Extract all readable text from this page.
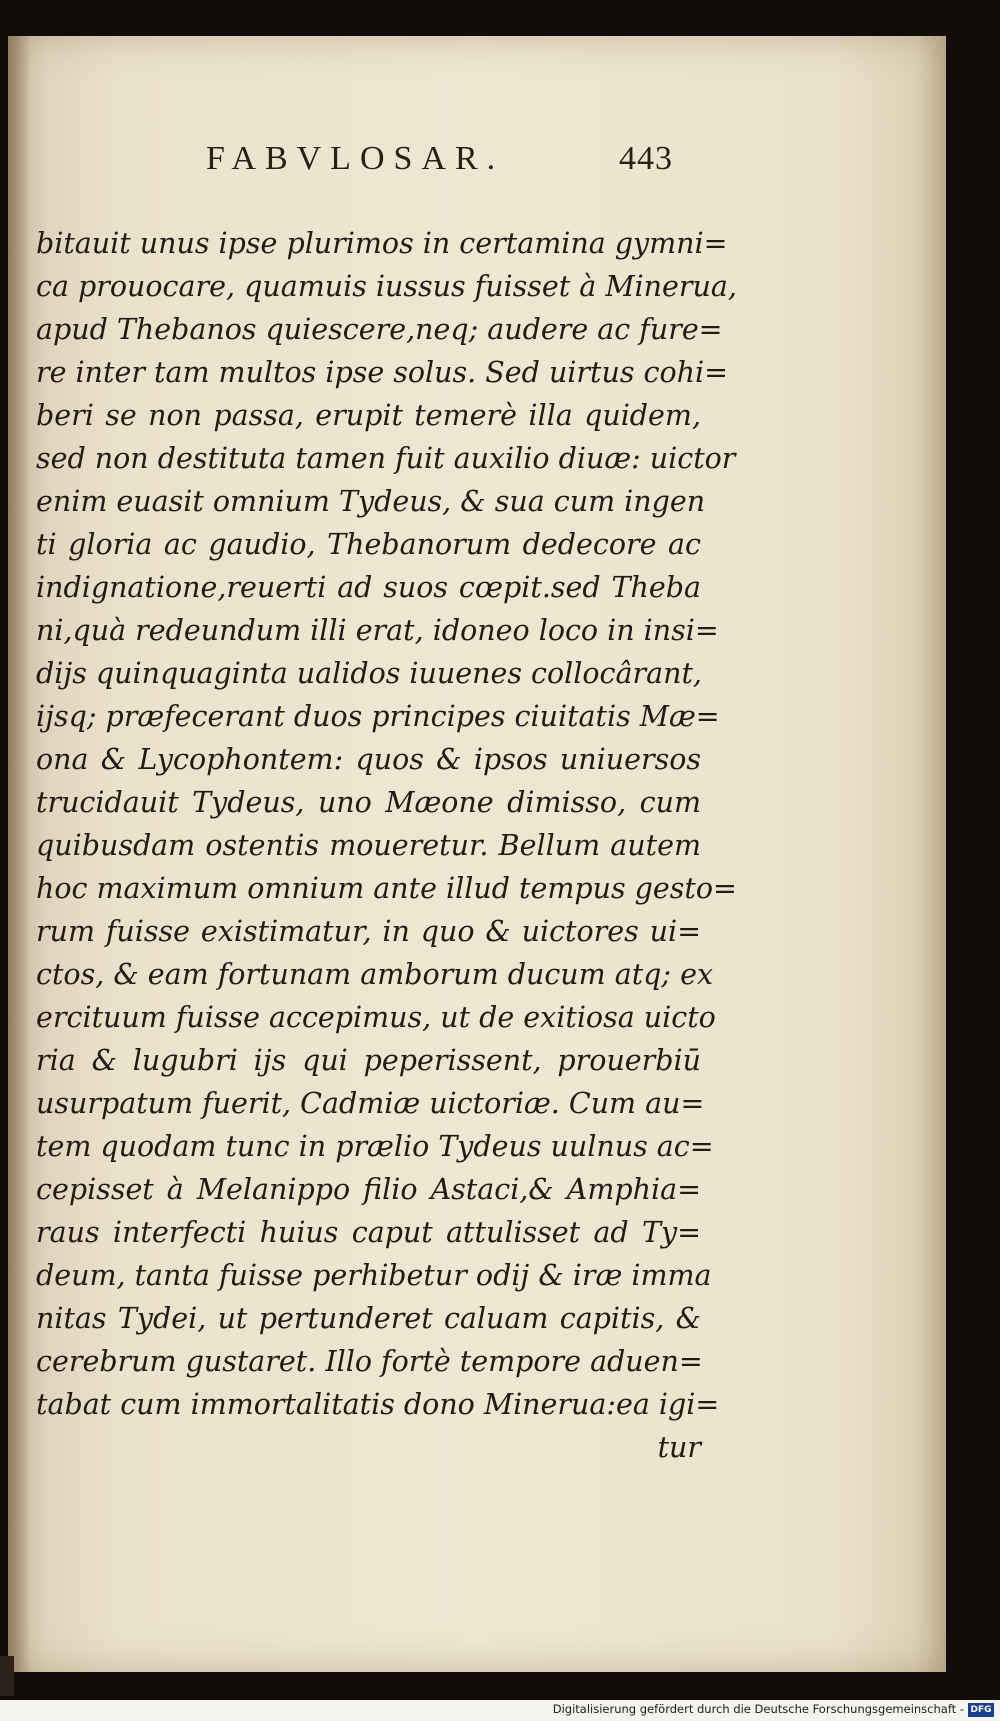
FABVLOSAR.	443
bitauit unus ipse plurimos in certamina gymni=
ca prouocare, quamuis iussus fuisset à Minerua,
apud Thebanos quiescere,neq; audere ac fure=
re inter tam multos ipse solus. Sed uirtus cohi=
beri se non passa, erupit temerè illa quidem,
sed non destituta tamen fuit auxilio diuæ: uictor
enim euasit omnium Tydeus, & sua cum ingen
ti gloria ac gaudio, Thebanorum dedecore ac
indignatione,reuerti ad suos cœpit.sed Theba
ni,quà redeundum illi erat, idoneo loco in insi=
dijs quinquaginta ualidos iuuenes collocârant,
ijsq; præfecerant duos principes ciuitatis Mæ=
ona & Lycophontem: quos & ipsos uniuersos
trucidauit Tydeus, uno Mæone dimisso, cum
quibusdam ostentis moueretur. Bellum autem
hoc maximum omnium ante illud tempus gesto=
rum fuisse existimatur, in quo & uictores ui=
ctos, & eam fortunam amborum ducum atq; ex
ercituum fuisse accepimus, ut de exitiosa uicto
ria & lugubri ijs qui peperissent, prouerbiū
usurpatum fuerit, Cadmiæ uictoriæ. Cum au=
tem quodam tunc in prælio Tydeus uulnus ac=
cepisset à Melanippo filio Astaci,& Amphia=
raus interfecti huius caput attulisset ad Ty=
deum, tanta fuisse perhibetur odij & iræ imma
nitas Tydei, ut pertunderet caluam capitis, &
cerebrum gustaret. Illo fortè tempore aduen=
tabat cum immortalitatis dono Minerua:ea igi=
tur
Digitalisierung gefördert durch die Deutsche Forschungsgemeinschaft - DFG
